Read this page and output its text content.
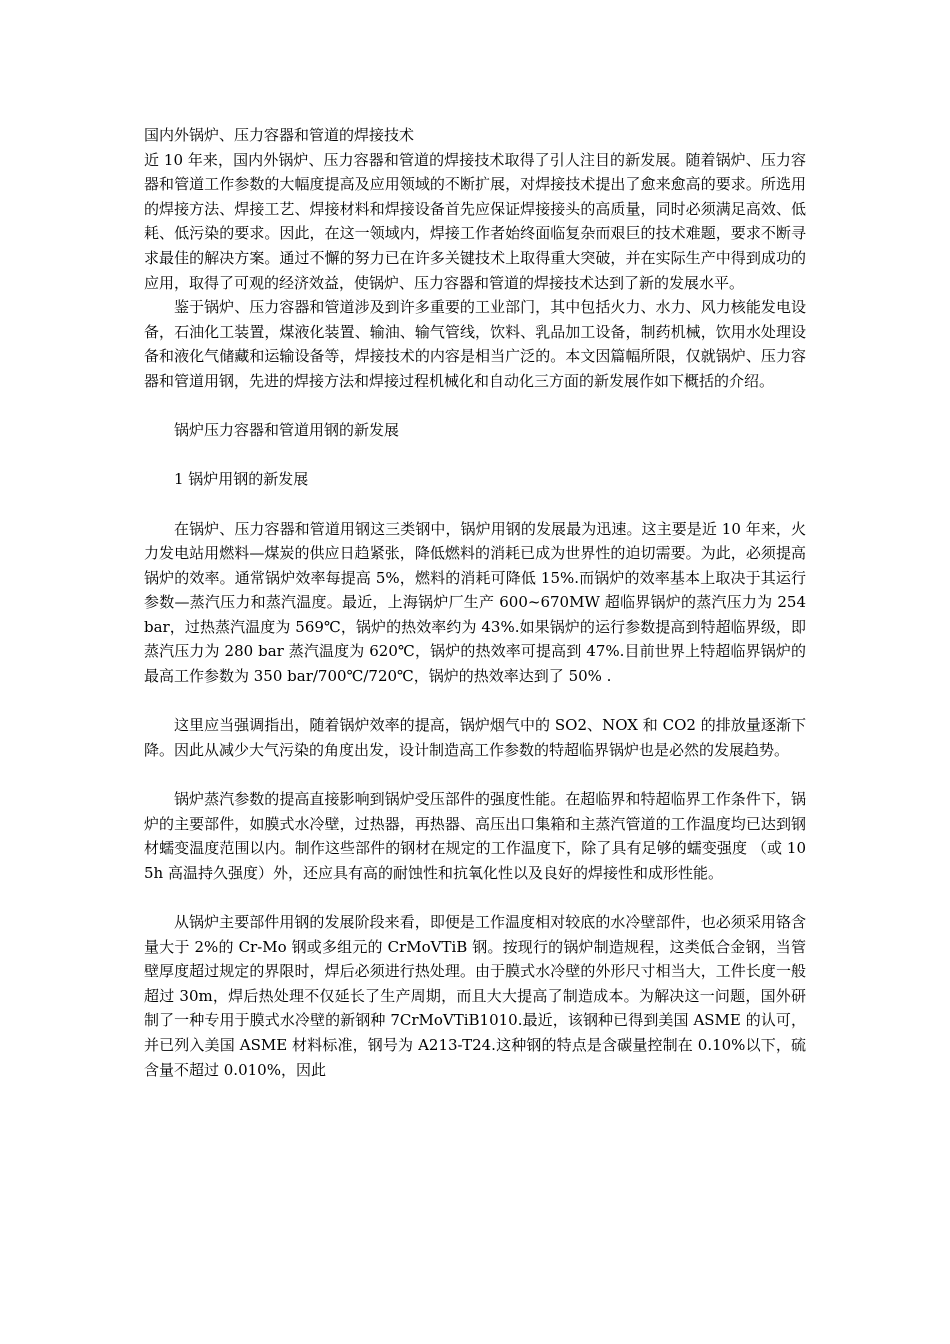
国内外锅炉、压力容器和管道的焊接技术

近 10 年来，国内外锅炉、压力容器和管道的焊接技术取得了引人注目的新发展。随着锅炉、压力容器和管道工作参数的大幅度提高及应用领域的不断扩展，对焊接技术提出了愈来愈高的要求。所选用的焊接方法、焊接工艺、焊接材料和焊接设备首先应保证焊接接头的高质量，同时必须满足高效、低耗、低污染的要求。因此，在这一领域内，焊接工作者始终面临复杂而艰巨的技术难题，要求不断寻求最佳的解决方案。通过不懈的努力已在许多关键技术上取得重大突破，并在实际生产中得到成功的应用，取得了可观的经济效益，使锅炉、压力容器和管道的焊接技术达到了新的发展水平。

鉴于锅炉、压力容器和管道涉及到许多重要的工业部门，其中包括火力、水力、风力核能发电设备，石油化工装置，煤液化装置、输油、输气管线，饮料、乳品加工设备，制药机械，饮用水处理设备和液化气储藏和运输设备等，焊接技术的内容是相当广泛的。本文因篇幅所限，仅就锅炉、压力容器和管道用钢，先进的焊接方法和焊接过程机械化和自动化三方面的新发展作如下概括的介绍。

锅炉压力容器和管道用钢的新发展

1 锅炉用钢的新发展

在锅炉、压力容器和管道用钢这三类钢中，锅炉用钢的发展最为迅速。这主要是近 10 年来，火力发电站用燃料—煤炭的供应日趋紧张，降低燃料的消耗已成为世界性的迫切需要。为此，必须提高锅炉的效率。通常锅炉效率每提高 5%，燃料的消耗可降低 15%.而锅炉的效率基本上取决于其运行参数—蒸汽压力和蒸汽温度。最近，上海锅炉厂生产 600~670MW 超临界锅炉的蒸汽压力为 254bar，过热蒸汽温度为 569℃，锅炉的热效率约为 43%.如果锅炉的运行参数提高到特超临界级，即蒸汽压力为 280 bar 蒸汽温度为 620℃，锅炉的热效率可提高到 47%.目前世界上特超临界锅炉的最高工作参数为 350 bar/700℃/720℃，锅炉的热效率达到了 50% .

这里应当强调指出，随着锅炉效率的提高，锅炉烟气中的 SO2、NOX 和 CO2 的排放量逐渐下降。因此从减少大气污染的角度出发，设计制造高工作参数的特超临界锅炉也是必然的发展趋势。

锅炉蒸汽参数的提高直接影响到锅炉受压部件的强度性能。在超临界和特超临界工作条件下，锅炉的主要部件，如膜式水冷壁，过热器，再热器、高压出口集箱和主蒸汽管道的工作温度均已达到钢材蠕变温度范围以内。制作这些部件的钢材在规定的工作温度下，除了具有足够的蠕变强度 （或 105h 高温持久强度）外，还应具有高的耐蚀性和抗氧化性以及良好的焊接性和成形性能。

从锅炉主要部件用钢的发展阶段来看，即便是工作温度相对较底的水冷壁部件，也必须采用铬含量大于 2%的 Cr-Mo 钢或多组元的 CrMoVTiB 钢。按现行的锅炉制造规程，这类低合金钢，当管壁厚度超过规定的界限时，焊后必须进行热处理。由于膜式水冷壁的外形尺寸相当大，工件长度一般超过 30m，焊后热处理不仅延长了生产周期，而且大大提高了制造成本。为解决这一问题，国外研制了一种专用于膜式水冷壁的新钢种 7CrMoVTiB1010.最近，该钢种已得到美国 ASME 的认可，并已列入美国 ASME 材料标准，钢号为 A213-T24.这种钢的特点是含碳量控制在 0.10%以下，硫含量不超过 0.010%，因此
